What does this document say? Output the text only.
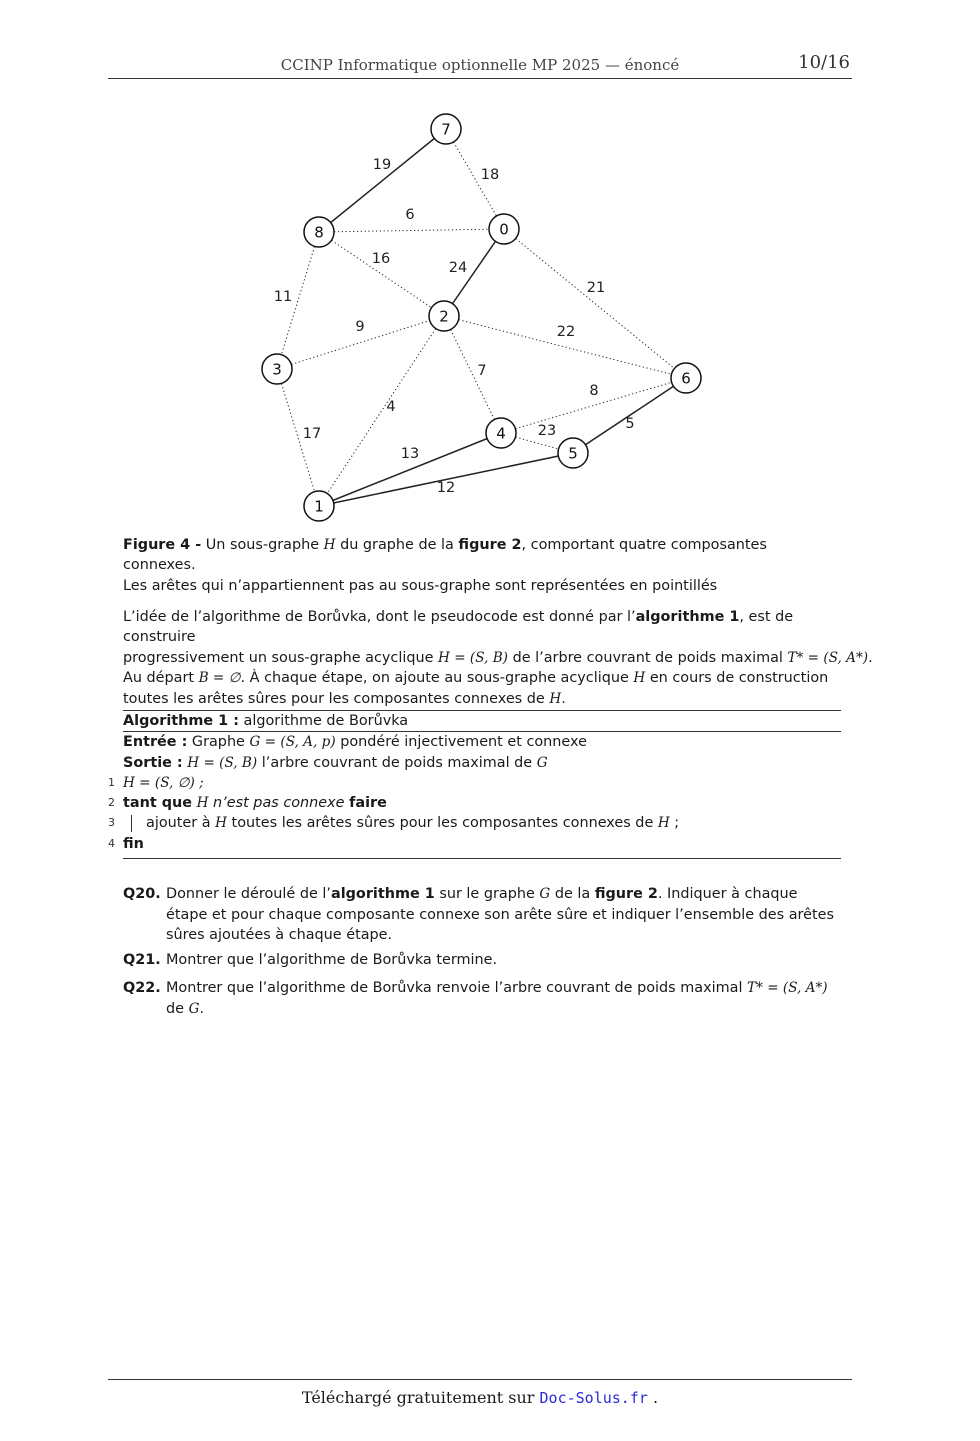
CCINP Informatique optionnelle MP 2025 — énoncé	10/16
19
18
6
16
24
21
11
9	22
7
4
8
17	23	5
13
12
0
1
2
3
4
5
6
7
8
Figure 4 - Un sous-graphe H du graphe de la figure 2, comportant quatre composantes connexes.
Les arêtes qui n’appartiennent pas au sous-graphe sont représentées en pointillés
L’idée de l’algorithme de Borůvka, dont le pseudocode est donné par l’algorithme 1, est de construire
progressivement un sous-graphe acyclique H = (S, B) de l’arbre couvrant de poids maximal T* = (S, A*).
Au départ B = ∅. À chaque étape, on ajoute au sous-graphe acyclique H en cours de construction
toutes les arêtes sûres pour les composantes connexes de H.
Algorithme 1 : algorithme de Borůvka
Entrée : Graphe G = (S, A, p) pondéré injectivement et connexe
Sortie : H = (S, B) l’arbre couvrant de poids maximal de G
1 H = (S, ∅) ;
2 tant que H n’est pas connexe faire
3 ajouter à H toutes les arêtes sûres pour les composantes connexes de H ;
4 fin
Q20. Donner le déroulé de l’algorithme 1 sur le graphe G de la figure 2. Indiquer à chaque étape et pour chaque composante connexe son arête sûre et indiquer l’ensemble des arêtes sûres ajoutées à chaque étape.
Q21. Montrer que l’algorithme de Borůvka termine.
Q22. Montrer que l’algorithme de Borůvka renvoie l’arbre couvrant de poids maximal T* = (S, A*) de G.
Téléchargé gratuitement sur Doc-Solus.fr .
